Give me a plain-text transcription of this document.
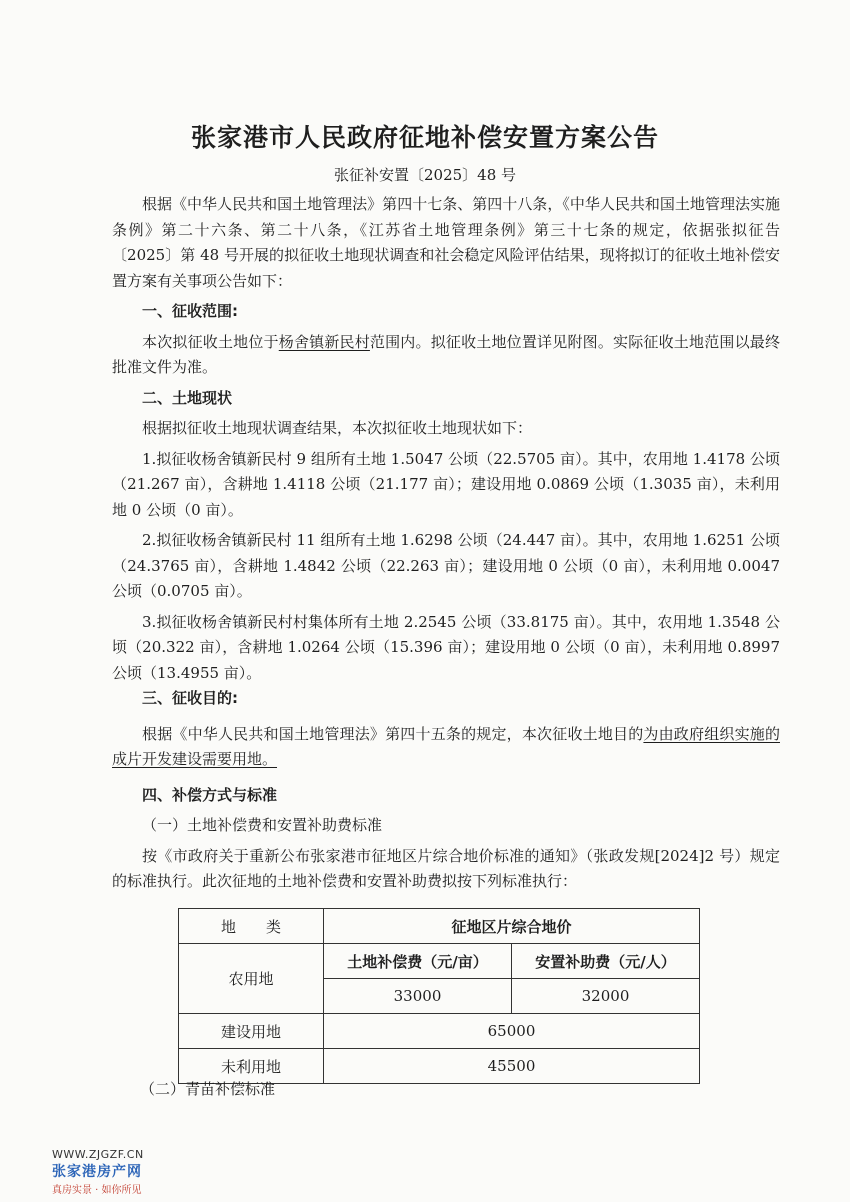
张家港市人民政府征地补偿安置方案公告
张征补安置〔2025〕48 号

根据《中华人民共和国土地管理法》第四十七条、第四十八条，《中华人民共和国土地管理法实施条例》第二十六条、第二十八条，《江苏省土地管理条例》第三十七条的规定，依据张拟征告〔2025〕第 48 号开展的拟征收土地现状调查和社会稳定风险评估结果，现将拟订的征收土地补偿安置方案有关事项公告如下：

一、征收范围:

本次拟征收土地位于杨舍镇新民村范围内。拟征收土地位置详见附图。实际征收土地范围以最终批准文件为准。

二、土地现状

根据拟征收土地现状调查结果，本次拟征收土地现状如下：

1.拟征收杨舍镇新民村 9 组所有土地 1.5047 公顷（22.5705 亩）。其中，农用地 1.4178 公顷（21.267 亩），含耕地 1.4118 公顷（21.177 亩）；建设用地 0.0869 公顷（1.3035 亩），未利用地 0 公顷（0 亩）。

2.拟征收杨舍镇新民村 11 组所有土地 1.6298 公顷（24.447 亩）。其中，农用地 1.6251 公顷（24.3765 亩），含耕地 1.4842 公顷（22.263 亩）；建设用地 0 公顷（0 亩），未利用地 0.0047 公顷（0.0705 亩）。

3.拟征收杨舍镇新民村村集体所有土地 2.2545 公顷（33.8175 亩）。其中，农用地 1.3548 公顷（20.322 亩），含耕地 1.0264 公顷（15.396 亩）；建设用地 0 公顷（0 亩），未利用地 0.8997 公顷（13.4955 亩）。

三、征收目的:

根据《中华人民共和国土地管理法》第四十五条的规定，本次征收土地目的为由政府组织实施的成片开发建设需要用地。

四、补偿方式与标准

（一）土地补偿费和安置补助费标准

按《市政府关于重新公布张家港市征地区片综合地价标准的通知》（张政发规[2024]2 号）规定的标准执行。此次征地的土地补偿费和安置补助费拟按下列标准执行：

地　　类	征地区片综合地价	
农用地	土地补偿费（元/亩）	安置补助费（元/人）
	33000	32000
建设用地	65000	
未利用地	45500	
（二）青苗补偿标准
WWW.ZJGZF.CN
张家港房产网
真房实景 · 如你所见
